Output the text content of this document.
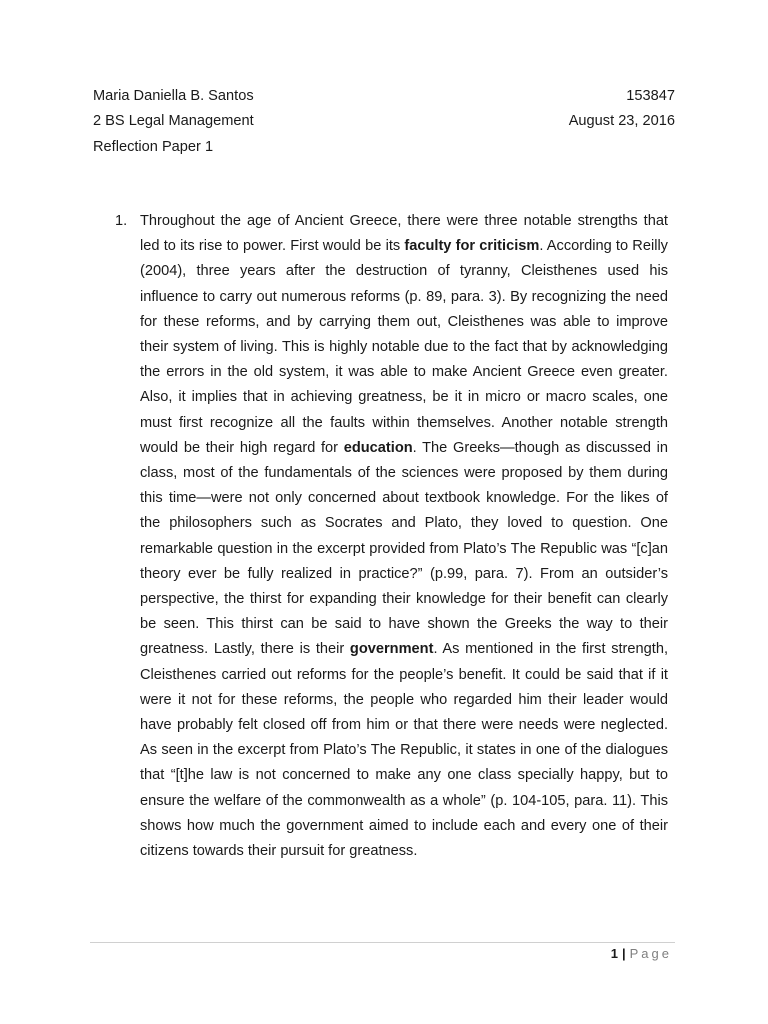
Maria Daniella B. Santos	153847
2 BS Legal Management	August 23, 2016
Reflection Paper 1
1. Throughout the age of Ancient Greece, there were three notable strengths that led to its rise to power. First would be its faculty for criticism. According to Reilly (2004), three years after the destruction of tyranny, Cleisthenes used his influence to carry out numerous reforms (p. 89, para. 3). By recognizing the need for these reforms, and by carrying them out, Cleisthenes was able to improve their system of living. This is highly notable due to the fact that by acknowledging the errors in the old system, it was able to make Ancient Greece even greater. Also, it implies that in achieving greatness, be it in micro or macro scales, one must first recognize all the faults within themselves. Another notable strength would be their high regard for education. The Greeks—though as discussed in class, most of the fundamentals of the sciences were proposed by them during this time—were not only concerned about textbook knowledge. For the likes of the philosophers such as Socrates and Plato, they loved to question. One remarkable question in the excerpt provided from Plato’s The Republic was “[c]an theory ever be fully realized in practice?” (p.99, para. 7). From an outsider’s perspective, the thirst for expanding their knowledge for their benefit can clearly be seen. This thirst can be said to have shown the Greeks the way to their greatness. Lastly, there is their government. As mentioned in the first strength, Cleisthenes carried out reforms for the people’s benefit. It could be said that if it were it not for these reforms, the people who regarded him their leader would have probably felt closed off from him or that there were needs were neglected. As seen in the excerpt from Plato’s The Republic, it states in one of the dialogues that “[t]he law is not concerned to make any one class specially happy, but to ensure the welfare of the commonwealth as a whole” (p. 104-105, para. 11). This shows how much the government aimed to include each and every one of their citizens towards their pursuit for greatness.

1 | Page
